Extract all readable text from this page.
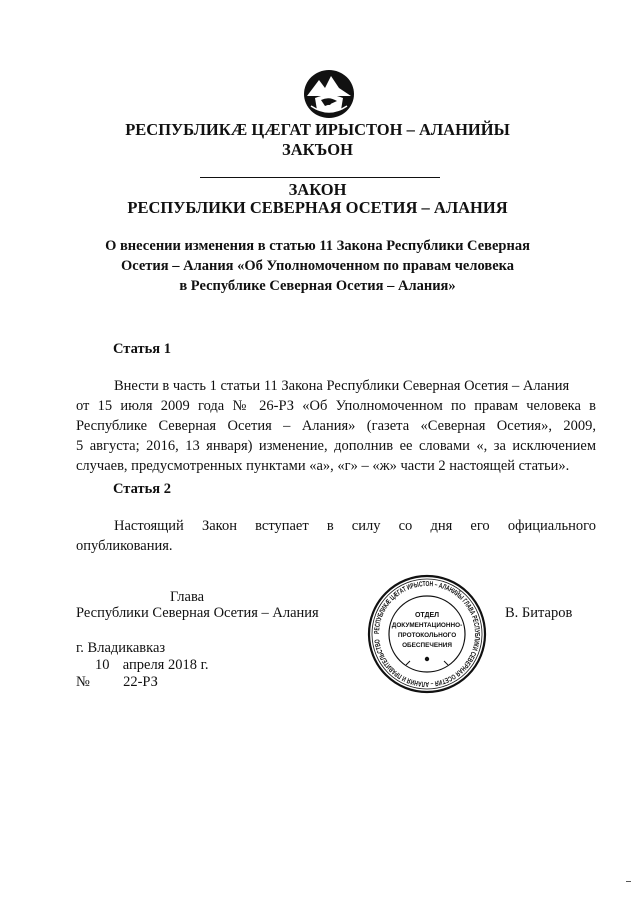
РЕСПУБЛИКӔ ЦӔГАТ ИРЫСТОН – АЛАНИЙЫ
ЗАКЪОН
ЗАКОН
РЕСПУБЛИКИ СЕВЕРНАЯ ОСЕТИЯ – АЛАНИЯ
О внесении изменения в статью 11 Закона Республики Северная
Осетия – Алания «Об Уполномоченном по правам человека
в Республике Северная Осетия – Алания»
Статья 1
Внести в часть 1 статьи 11 Закона Республики Северная Осетия – Алания
от 15 июля 2009 года № 26-РЗ «Об Уполномоченном по правам человека в
Республике Северная Осетия – Алания» (газета «Северная Осетия», 2009,
5 августа; 2016, 13 января) изменение, дополнив ее словами «, за исключением
случаев, предусмотренных пунктами «а», «г» – «ж» части 2 настоящей статьи».
Статья 2
Настоящий Закон вступает в силу со дня его официального
опубликования.
Глава
Республики Северная Осетия – Алания	В. Битаров
г. Владикавказ
10 апреля 2018 г.
№ 22-РЗ
РЕСПУБЛИКӔ ЦӔГАТ ИРЫСТОН – АЛАНИЙЫ ГЛАВА РЕСПУБЛИКИ СЕВЕРНАЯ ОСЕТИЯ – АЛАНИЯ И ПРАВИТЕЛЬСТВО
ОТДЕЛ
ДОКУМЕНТАЦИОННО-
ПРОТОКОЛЬНОГО
ОБЕСПЕЧЕНИЯ
